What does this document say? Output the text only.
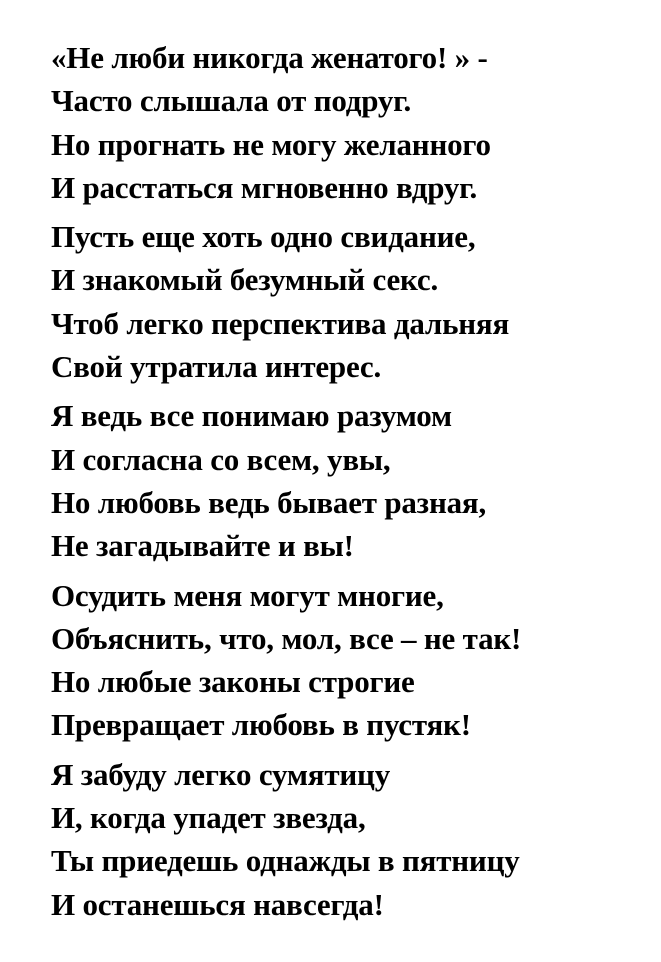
«Не люби никогда женатого! » -
Часто слышала от подруг.
Но прогнать не могу желанного
И расстаться мгновенно вдруг.
Пусть еще хоть одно свидание,
И знакомый безумный секс.
Чтоб легко перспектива дальняя
Свой утратила интерес.
Я ведь все понимаю разумом
И согласна со всем, увы,
Но любовь ведь бывает разная,
Не загадывайте и вы!
Осудить меня могут многие,
Объяснить, что, мол, все – не так!
Но любые законы строгие
Превращает любовь в пустяк!
Я забуду легко сумятицу
И, когда упадет звезда,
Ты приедешь однажды в пятницу
И останешься навсегда!
